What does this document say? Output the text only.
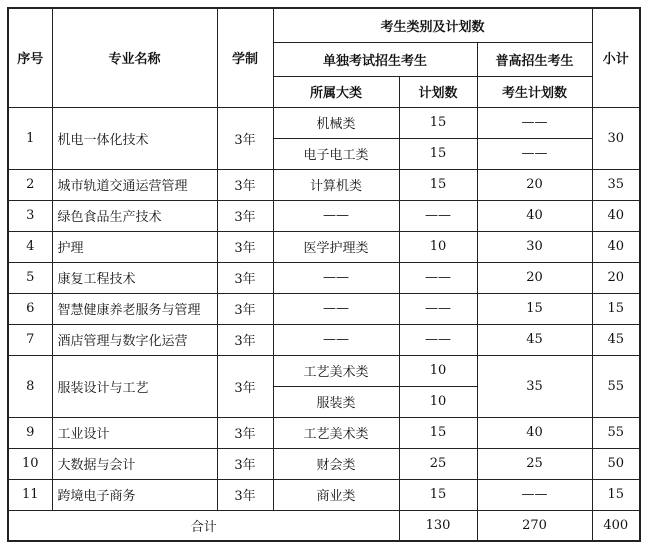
序号	专业名称	学制	考生类别及计划数			小计
			单独考试招生考生		普高招生考生	
			所属大类	计划数	考生计划数	
1	机电一体化技术	3年	机械类	15	——	30
			电子电工类	15	——	
2	城市轨道交通运营管理	3年	计算机类	15	20	35
3	绿色食品生产技术	3年	——	——	40	40
4	护理	3年	医学护理类	10	30	40
5	康复工程技术	3年	——	——	20	20
6	智慧健康养老服务与管理	3年	——	——	15	15
7	酒店管理与数字化运营	3年	——	——	45	45
8	服装设计与工艺	3年	工艺美术类	10	35	55
			服装类	10		
9	工业设计	3年	工艺美术类	15	40	55
10	大数据与会计	3年	财会类	25	25	50
11	跨境电子商务	3年	商业类	15	——	15
合计				130	270	400
